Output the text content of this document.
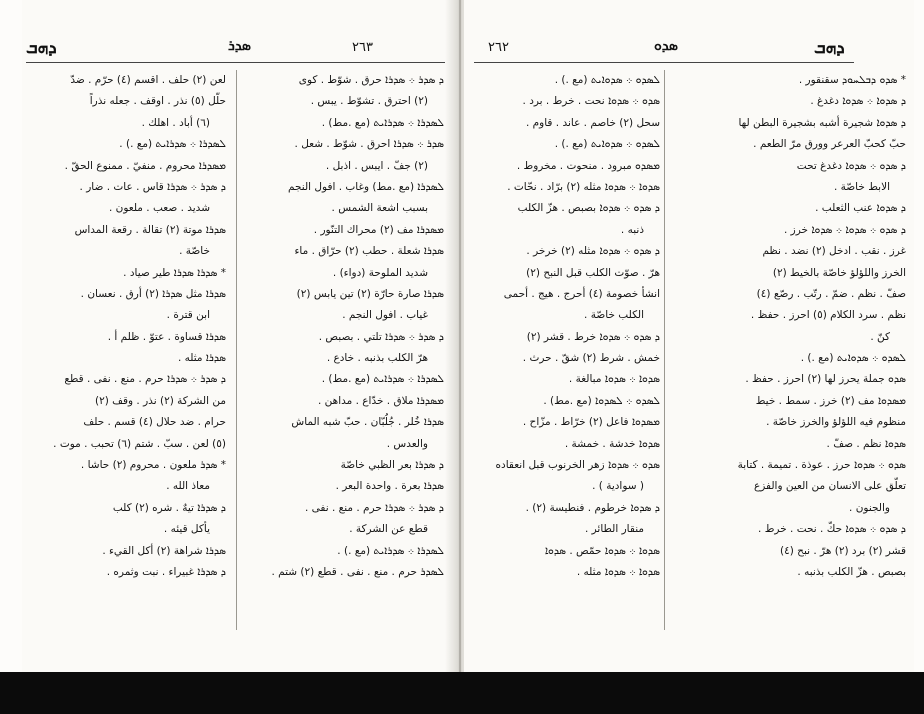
ܕܗܒ	٢٦٣
ܣܕܪ
ܕ ܣܕܪ ܀ ܣܕܪܐ حرق . شوّط . كوى
(٢) احترق . تشوّط . يبس .
ܠܣܕܪܐ ܀ ܣܕܪܐܝܬ (مع .مط) .
ܣܕܪ ܀ ܣܕܪܐ احرق . شوّط . شعل .
(٢) جفّ . ايبس . اذبل .
ܠܣܕܪܐ (مع .مط) وغاب . افول النجم
بسبب اشعة الشمس .
ܡܣܕܪܐ مف (٢) محراك التنّور .
ܣܕܪܐ شعلة . حطب (٢) حرّاق . ماء
شديد الملوحة (دواء) .
ܣܕܪܐ صارة حارّة (٢) تين يابس (٢)
غياب . افول النجم .
ܕ ܣܕܪ ܀ ܣܕܪܐ تلتي . بصبص .
هرّ الكلب بذنبه . خادع .
ܠܣܕܪܐ ܀ ܣܕܪܐܝܬ (مع .مط) .
ܡܣܕܪܐ ملاق . خدّاع . مداهن .
ܣܕܪܐ خُلر . جُلُبّان . حبّ شبه الماش
والعدس .
ܕ ܣܕܪܐ بعر الظبي خاصّة
ܣܕܪܐ بعرة . واحدة البعر .
ܕ ܣܕܪ ܀ ܣܕܪܐ حرم . منع . نفى .
قطع عن الشركة .
ܠܣܕܪܐ ܀ ܣܕܪܐܝܬ (مع .) .
ܠܣܕܪ حرم . منع . نفى . قطع (٢) شتم .
لعن (٢) حلف . اقسم (٤) حرّم . ضدّ
حلّل (٥) نذر . اوقف . جعله نذراً
(٦) أباد . اهلك .
ܠܣܕܪܐ ܀ ܣܕܪܐܝܬ (مع .) .
ܡܣܕܪܐ محروم . منفيّ . ممنوع الحقّ .
ܕ ܣܕܪ ܀ ܣܕܪܐ قاس . عات . ضار .
شديد . صعب . ملعون .
ܣܕܪܐ موتة (٢) تقالة . رقعة المداس
خاصّة .
* ܣܕܪܐ ܣܕܪܐ طير صياد .
ܣܕܪܐ مثل ܣܕܪܐ (٢) أرق . نعسان .
ابن قترة .
ܣܕܪܐ قساوة . عتوّ . ظلم أ .
ܣܕܪܐ مثله .
ܕ ܣܕܪ ܀ ܣܕܪܐ حرم . منع . نفى . قطع
من الشركة (٢) نذر . وقف (٢)
حرام . ضد حلال (٤) قسم . حلف
(٥) لعن . سبّ . شتم (٦) تحبب . موت .
* ܣܕܪ ملعون . محروم (٢) حاشا .
معاذ الله .
ܕ ܣܕܪܐ تيهٌ . شره (٢) كلب
يأكل قيئه .
ܣܕܪܐ شراهة (٢) أكل القيء .
ܕ ܣܕܪܐ غبيراء . نبت وثمره .
٢٦٢	ܣܕܘ	ܕܗܒ
ܠܣܕܘ ܀ ܣܕܘܐܝܬ (مع .) .
ܣܕܘ ܀ ܣܕܘܐ نحت . خرط . برد .
سحل (٢) خاصم . عاند . قاوم .
ܠܣܕܘ ܀ ܣܕܘܐܝܬ (مع .) .
ܡܣܕܘ مبرود . منحوت . مخروط .
ܣܕܘܐ ܀ ܣܕܘܐ مثله (٢) برّاد . نحّات .
ܕ ܣܕܘ ܀ ܣܕܘܐ بصبص . هزّ الكلب
ذنبه .
ܕ ܣܕܘ ܀ ܣܕܘܐ مثله (٢) خرخر .
هرّ . صوّت الكلب قبل النبح (٢)
انشأ خصومة (٤) أحرج . هيج . أحمى
الكلب خاصّة .
ܕ ܣܕܘ ܀ ܣܕܘܐ خرط . قشر (٢)
خمش . شرط (٢) شقّ . حرث .
ܣܕܘܐ ܀ ܣܕܘܐ مبالغة .
ܠܣܕܘ ܀ ܠܣܕܘܐ (مع .مط) .
ܡܣܕܘܐ فاعل (٢) خرّاط . مزّاح .
ܣܕܘܐ خدشة . خمشة .
ܣܕܘ ܀ ܣܕܘܐ زهر الخرنوب قبل انعقاده
( سوادية ) .
ܕ ܣܕܘܐ خرطوم . فنطيسة (٢) .
منقار الطائر .
ܣܕܘܐ ܀ ܣܕܘܐ حمّص . ܣܕܘܐ
ܣܕܘܐ ܀ ܣܕܘܐ مثله .
* ܣܕܘ ܕܒܠܚܘܕ سقنقور .
ܕ ܣܕܘܐ ܀ ܣܕܘܐ دغدغ .
ܕ ܣܕܘܐ شجيرة أشبه بشجيرة البطن لها
حبّ كحبّ العرعر وورق مرّ الطعم .
ܕ ܣܕܘ ܀ ܣܕܘܐ دغدغ تحت
الابط خاصّة .
ܕ ܣܕܘܐ عنب الثعلب .
ܕ ܣܕܘ ܀ ܣܕܘܐ ܀ ܣܕܘܐ خرز .
غرز . نقب . ادخل (٢) نضد . نظم
الخرز واللؤلؤ خاصّة بالخيط (٢)
صفّ . نظم . ضمّ . رتّب . رصّع (٤)
نظم . سرد الكلام (٥) احرز . حفظ .
كنّ .
ܠܣܕܘ ܀ ܣܕܘܐܝܬ (مع .) .
ܣܕܘ جملة يحرز لها (٢) احرز . حفظ .
ܡܣܕܘܐ مف (٢) خرز . سمط . خيط
منظوم فيه اللؤلؤ والخرز خاصّة .
ܣܕܘܐ نظم . صفّ .
ܣܕܘ ܀ ܣܕܘܐ حرز . عوذة . تميمة . كتابة
تعلّق على الانسان من العين والفزع
والجنون .
ܕ ܣܕܘ ܀ ܣܕܘܐ حكّ . نحت . خرط .
قشر (٢) برد (٢) هرّ . نبح (٤)
بصبص . هزّ الكلب بذنبه .
